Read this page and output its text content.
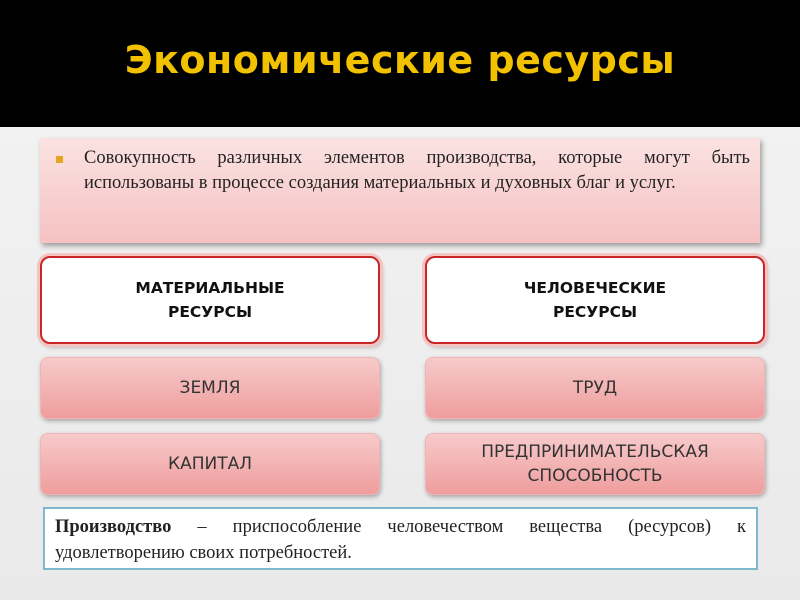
Экономические ресурсы

Совокупность различных элементов производства, которые могут быть использованы в процессе создания материальных и духовных благ и услуг.

МАТЕРИАЛЬНЫЕ РЕСУРСЫ
ЧЕЛОВЕЧЕСКИЕ РЕСУРСЫ
ЗЕМЛЯ	ТРУД
КАПИТАЛ
ПРЕДПРИНИМАТЕЛЬСКАЯ СПОСОБНОСТЬ
Производство – приспособление человечеством вещества (ресурсов) к удовлетворению своих потребностей.
